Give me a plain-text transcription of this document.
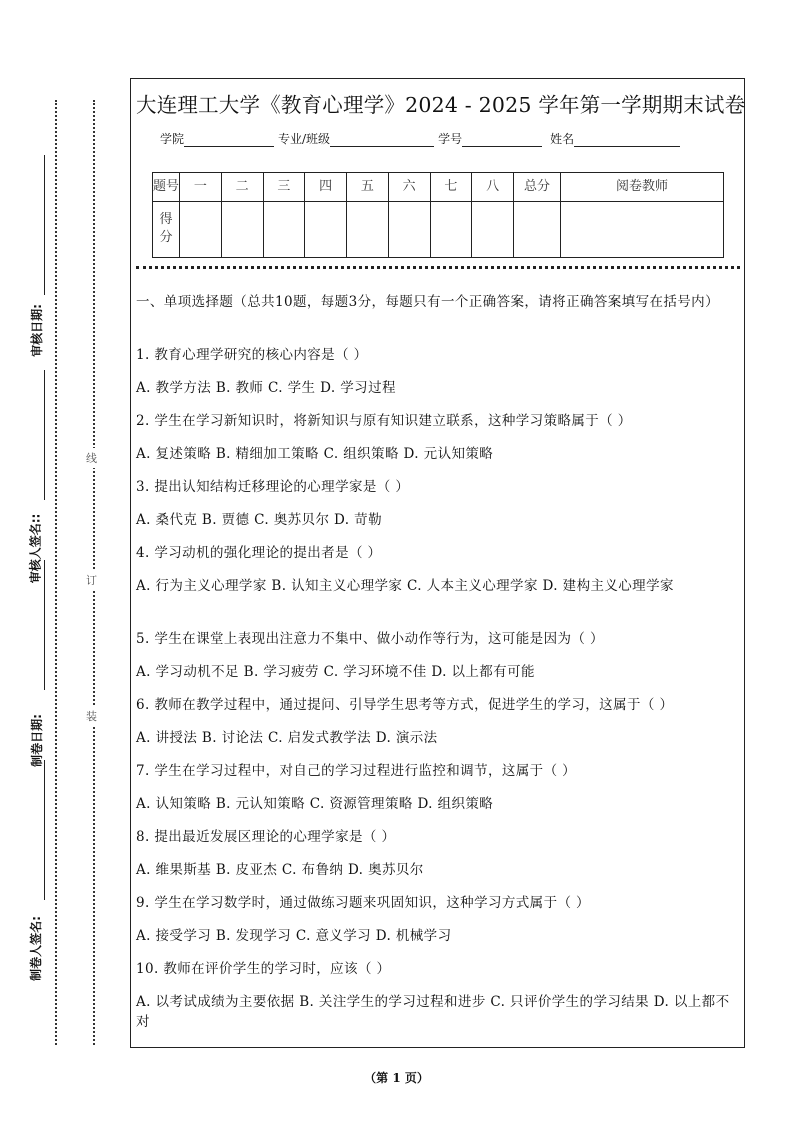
审核日期:
审核人签名::
制卷日期:
制卷人签名:
线
订
装
大连理工大学《教育心理学》2024 - 2025 学年第一学期期末试卷
学院	专业/班级	学号	姓名
题号	一	二	三	四	五	六	七	八	总分	阅卷教师
得分										
一、单项选择题（总共10题，每题3分，每题只有一个正确答案，请将正确答案填写在括号内）
1. 教育心理学研究的核心内容是（ ）
A. 教学方法 B. 教师 C. 学生 D. 学习过程
2. 学生在学习新知识时，将新知识与原有知识建立联系，这种学习策略属于（ ）
A. 复述策略 B. 精细加工策略 C. 组织策略 D. 元认知策略
3. 提出认知结构迁移理论的心理学家是（ ）
A. 桑代克 B. 贾德 C. 奥苏贝尔 D. 苛勒
4. 学习动机的强化理论的提出者是（ ）
A. 行为主义心理学家 B. 认知主义心理学家 C. 人本主义心理学家 D. 建构主义心理学家
5. 学生在课堂上表现出注意力不集中、做小动作等行为，这可能是因为（ ）
A. 学习动机不足 B. 学习疲劳 C. 学习环境不佳 D. 以上都有可能
6. 教师在教学过程中，通过提问、引导学生思考等方式，促进学生的学习，这属于（ ）
A. 讲授法 B. 讨论法 C. 启发式教学法 D. 演示法
7. 学生在学习过程中，对自己的学习过程进行监控和调节，这属于（ ）
A. 认知策略 B. 元认知策略 C. 资源管理策略 D. 组织策略
8. 提出最近发展区理论的心理学家是（ ）
A. 维果斯基 B. 皮亚杰 C. 布鲁纳 D. 奥苏贝尔
9. 学生在学习数学时，通过做练习题来巩固知识，这种学习方式属于（ ）
A. 接受学习 B. 发现学习 C. 意义学习 D. 机械学习
10. 教师在评价学生的学习时，应该（ ）
A. 以考试成绩为主要依据 B. 关注学生的学习过程和进步 C. 只评价学生的学习结果 D. 以上都不对
（第 1 页）
